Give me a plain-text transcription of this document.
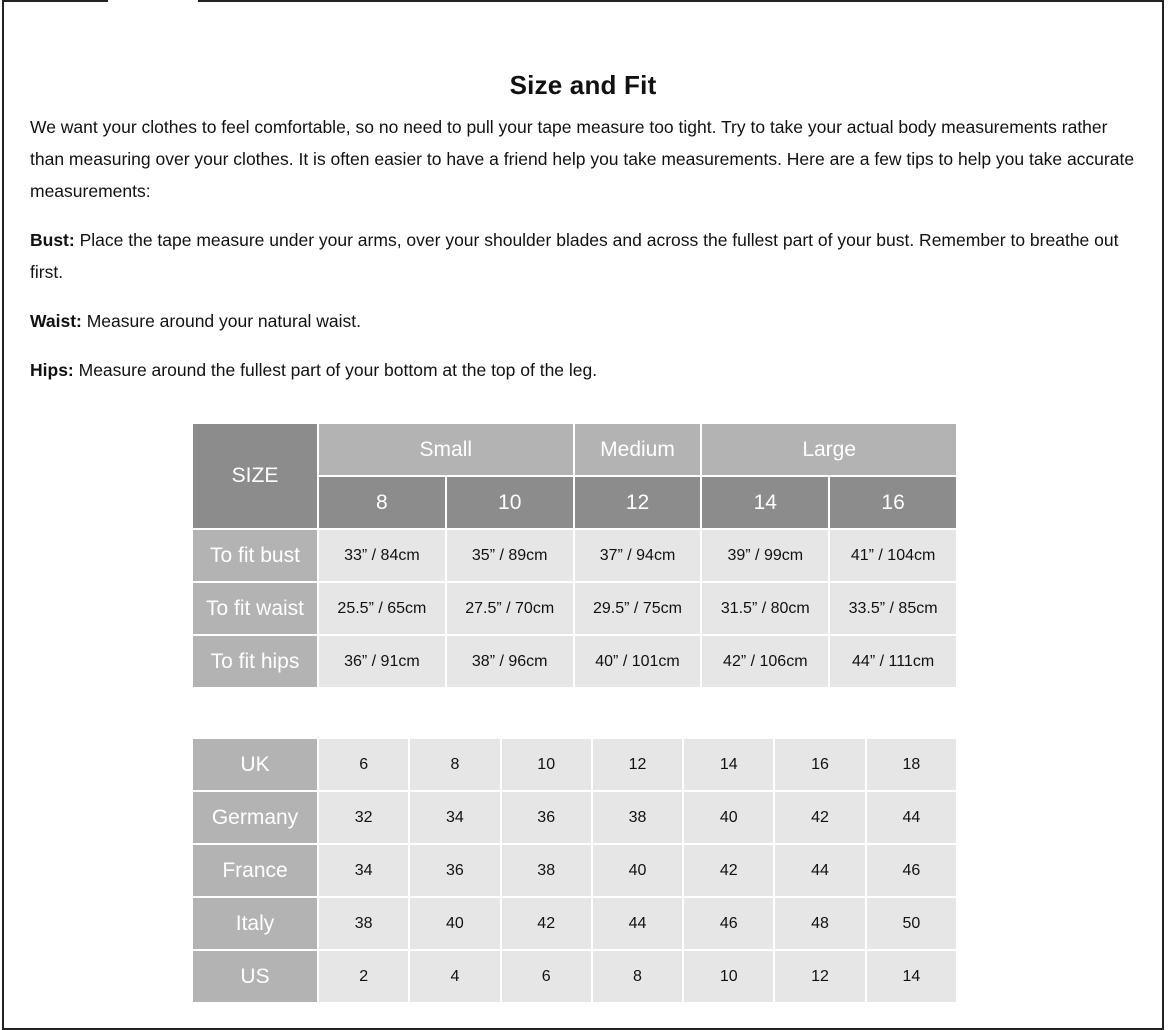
Size and Fit

We want your clothes to feel comfortable, so no need to pull your tape measure too tight. Try to take your actual body measurements rather than measuring over your clothes. It is often easier to have a friend help you take measurements. Here are a few tips to help you take accurate measurements:

Bust: Place the tape measure under your arms, over your shoulder blades and across the fullest part of your bust. Remember to breathe out first.

Waist: Measure around your natural waist.

Hips: Measure around the fullest part of your bottom at the top of the leg.

SIZE	Small		Medium	Large	
	8	10	12	14	16
To fit bust	33” / 84cm	35” / 89cm	37” / 94cm	39” / 99cm	41” / 104cm
To fit waist	25.5” / 65cm	27.5” / 70cm	29.5” / 75cm	31.5” / 80cm	33.5” / 85cm
To fit hips	36” / 91cm	38” / 96cm	40” / 101cm	42” / 106cm	44” / 111cm
UK	6	8	10	12	14	16	18
Germany	32	34	36	38	40	42	44
France	34	36	38	40	42	44	46
Italy	38	40	42	44	46	48	50
US	2	4	6	8	10	12	14
